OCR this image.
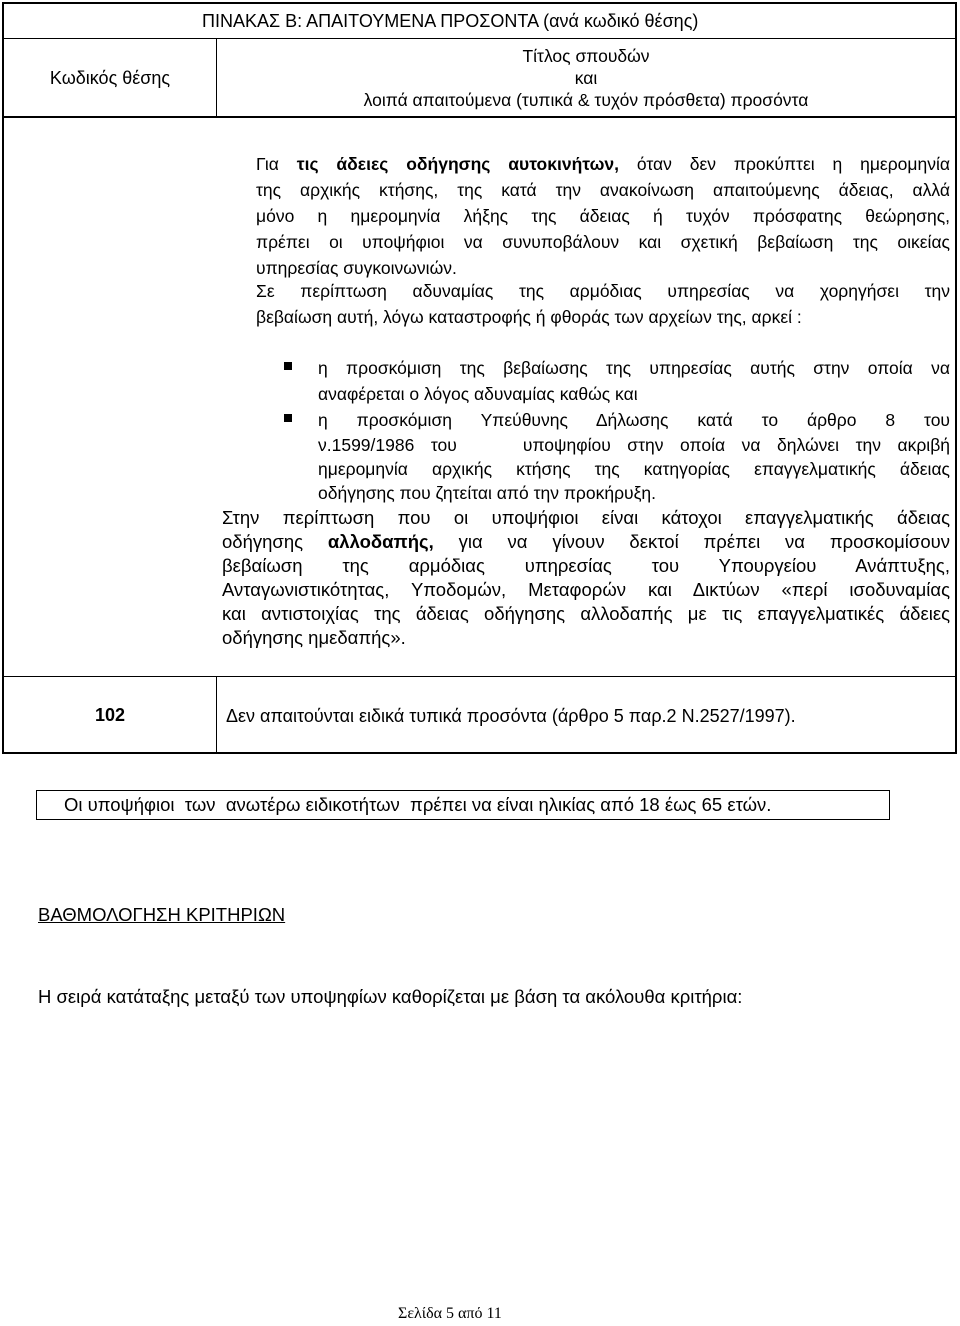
ΠΙΝΑΚΑΣ Β: ΑΠΑΙΤΟΥΜΕΝΑ ΠΡΟΣΟΝΤΑ (ανά κωδικό θέσης)
Κωδικός θέσης
Τίτλος σπουδών
και
λοιπά απαιτούμενα (τυπικά & τυχόν πρόσθετα) προσόντα
Για τις άδειες οδήγησης αυτοκινήτων, όταν δεν προκύπτει η ημερομηνία
της αρχικής κτήσης, της κατά την ανακοίνωση απαιτούμενης άδειας, αλλά
μόνο η ημερομηνία λήξης της άδειας ή τυχόν πρόσφατης θεώρησης,
πρέπει οι υποψήφιοι να συνυποβάλουν και σχετική βεβαίωση της οικείας
υπηρεσίας συγκοινωνιών.
Σε περίπτωση αδυναμίας της αρμόδιας υπηρεσίας να χορηγήσει την
βεβαίωση αυτή, λόγω καταστροφής ή φθοράς των αρχείων της, αρκεί :
η προσκόμιση της βεβαίωσης της υπηρεσίας αυτής στην οποία να
αναφέρεται ο λόγος αδυναμίας καθώς και
η προσκόμιση Υπεύθυνης Δήλωσης κατά το άρθρο 8 του
ν.1599/1986 του    υποψηφίου στην οποία να δηλώνει την ακριβή
ημερομηνία αρχικής κτήσης της κατηγορίας επαγγελματικής άδειας
οδήγησης που ζητείται από την προκήρυξη.
Στην περίπτωση που οι υποψήφιοι είναι κάτοχοι επαγγελματικής άδειας
οδήγησης αλλοδαπής, για να γίνουν δεκτοί πρέπει να προσκομίσουν
βεβαίωση της αρμόδιας υπηρεσίας του Υπουργείου Ανάπτυξης,
Ανταγωνιστικότητας, Υποδομών, Μεταφορών και Δικτύων «περί ισοδυναμίας
και αντιστοιχίας της άδειας οδήγησης αλλοδαπής με τις επαγγελματικές άδειες
οδήγησης ημεδαπής».
102	Δεν απαιτούνται ειδικά τυπικά προσόντα (άρθρο 5 παρ.2 Ν.2527/1997).
Οι υποψήφιοι  των  ανωτέρω ειδικοτήτων  πρέπει να είναι ηλικίας από 18 έως 65 ετών.
ΒΑΘΜΟΛΟΓΗΣΗ ΚΡΙΤΗΡΙΩΝ
Η σειρά κατάταξης μεταξύ των υποψηφίων καθορίζεται με βάση τα ακόλουθα κριτήρια:
Σελίδα 5 από 11
